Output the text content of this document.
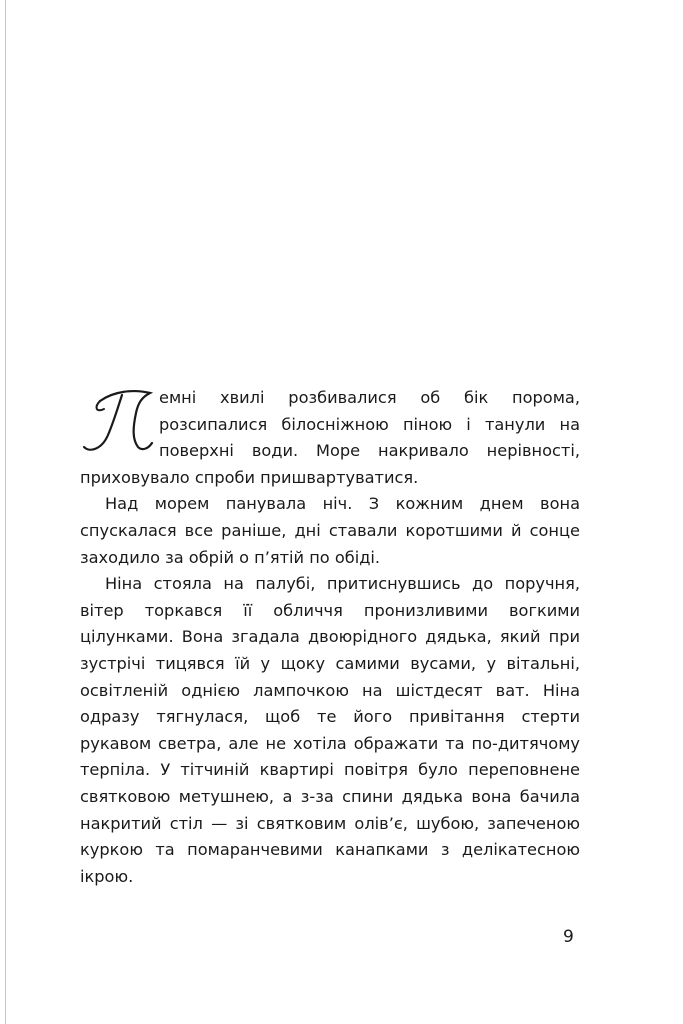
емні хвилі розбивалися об бік порома, розсипалися білосніжною піною і танули на поверхні води. Море накривало нерівності, приховувало спроби пришвартуватися.

Над морем панувала ніч. З кожним днем вона спускалася все раніше, дні ставали коротшими й сонце заходило за обрій о п’ятій по обіді.

Ніна стояла на палубі, притиснувшись до поручня, вітер торкався її обличчя пронизливими вогкими цілунками. Вона згадала двоюрідного дядька, який при зустрічі тицявся їй у щоку самими вусами, у вітальні, освітленій однією лампочкою на шістдесят ват. Ніна одразу тягнулася, щоб те його привітання стерти рукавом светра, але не хотіла ображати та по-дитячому терпіла. У тітчиній квартирі повітря було переповнене святковою метушнею, а з-за спини дядька вона бачила накритий стіл — зі святковим олів’є, шубою, запеченою куркою та помаранчевими канапками з делікатесною ікрою.

9
